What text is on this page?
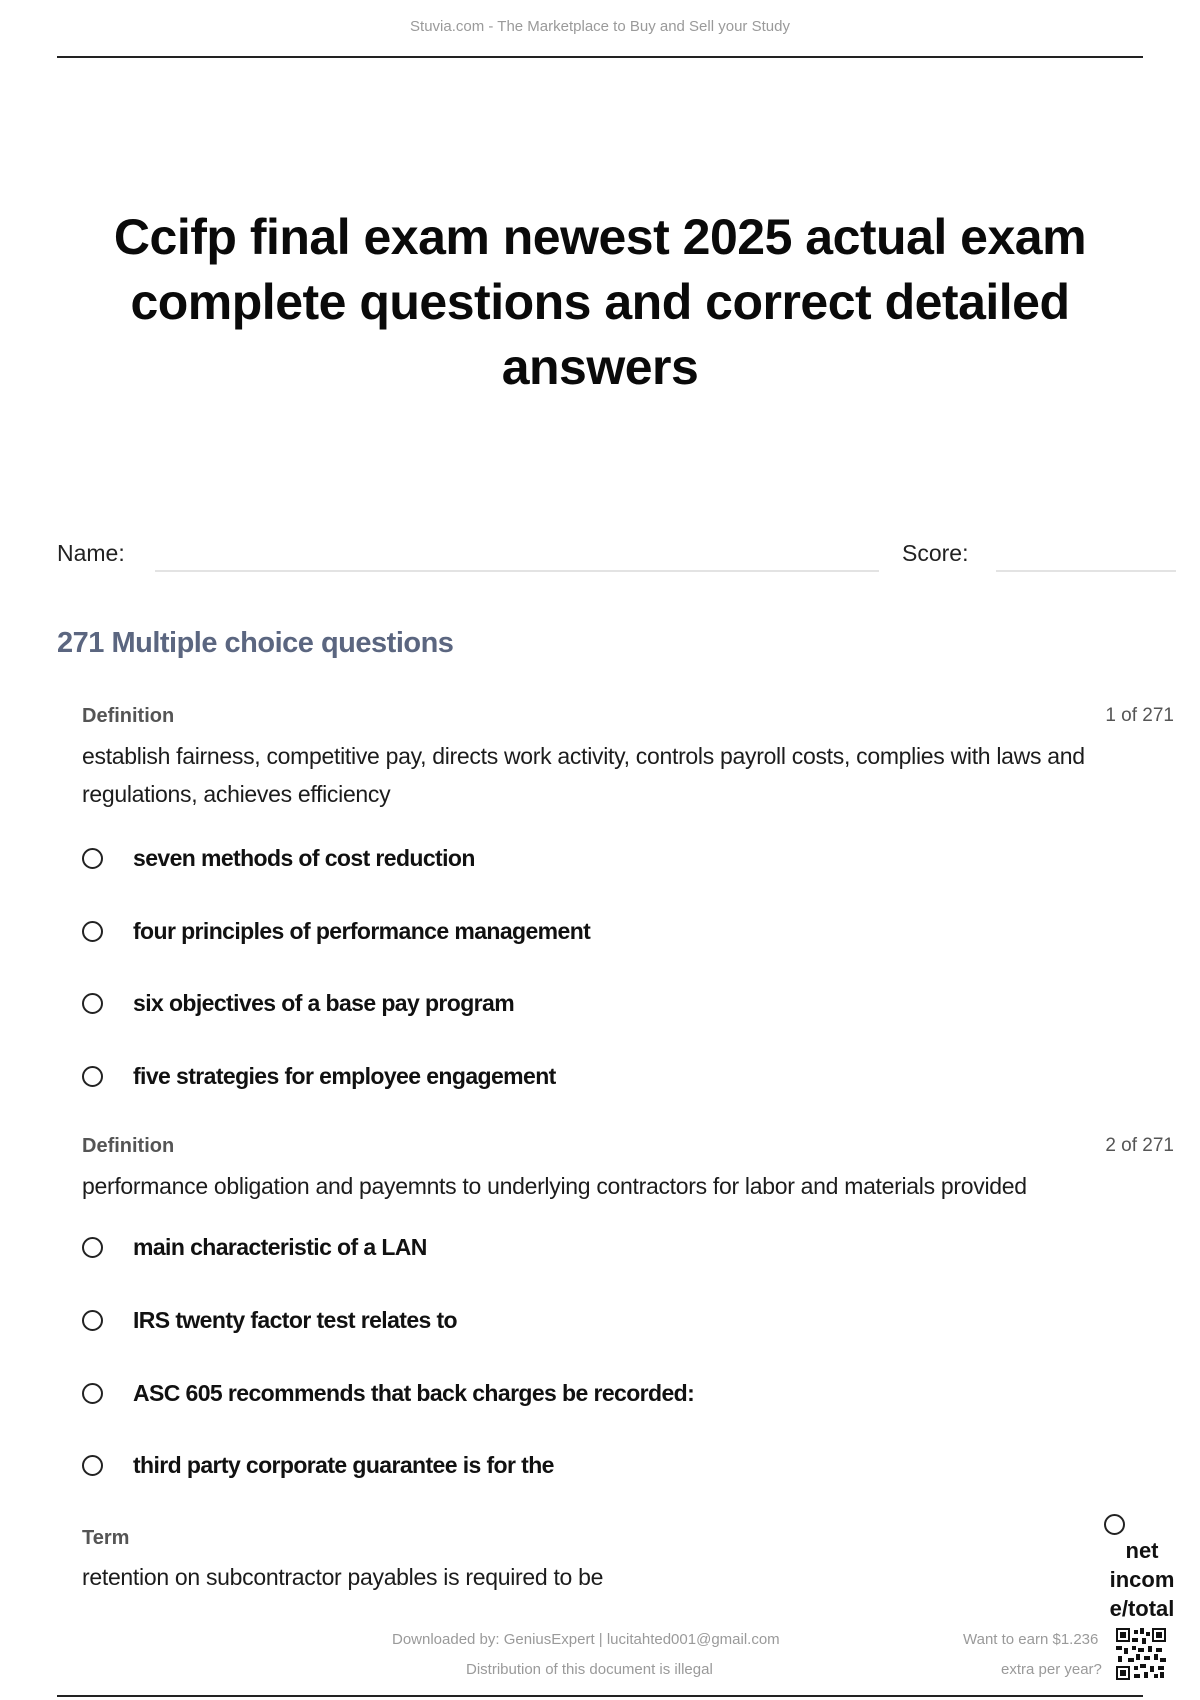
Stuvia.com - The Marketplace to Buy and Sell your Study
Ccifp final exam newest 2025 actual exam
complete questions and correct detailed
answers
Name:	Score:
271 Multiple choice questions
Definition	1 of 271
establish fairness, competitive pay, directs work activity, controls payroll costs, complies with laws and regulations, achieves efficiency
seven methods of cost reduction
four principles of performance management
six objectives of a base pay program
five strategies for employee engagement
Definition	2 of 271
performance obligation and payemnts to underlying contractors for labor and materials provided
main characteristic of a LAN
IRS twenty factor test relates to
ASC 605 recommends that back charges be recorded:
third party corporate guarantee is for the
Term
retention on subcontractor payables is required to be
net incom e/total
Downloaded by: GeniusExpert | lucitahted001@gmail.com
Distribution of this document is illegal
Want to earn $1.236
extra per year?
